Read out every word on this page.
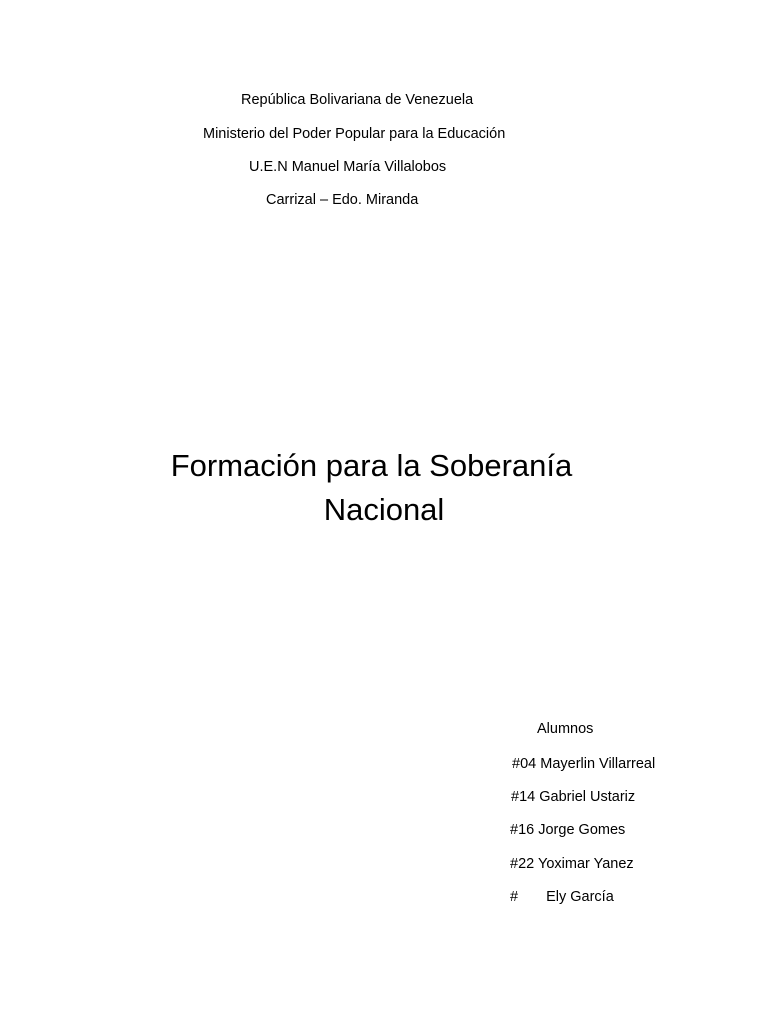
República Bolivariana de Venezuela
Ministerio del Poder Popular para la Educación
U.E.N Manuel María Villalobos
Carrizal – Edo. Miranda
Formación para la Soberanía
Nacional
Alumnos
#04 Mayerlin Villarreal
#14 Gabriel Ustariz
#16 Jorge Gomes
#22 Yoximar Yanez
# Ely García
